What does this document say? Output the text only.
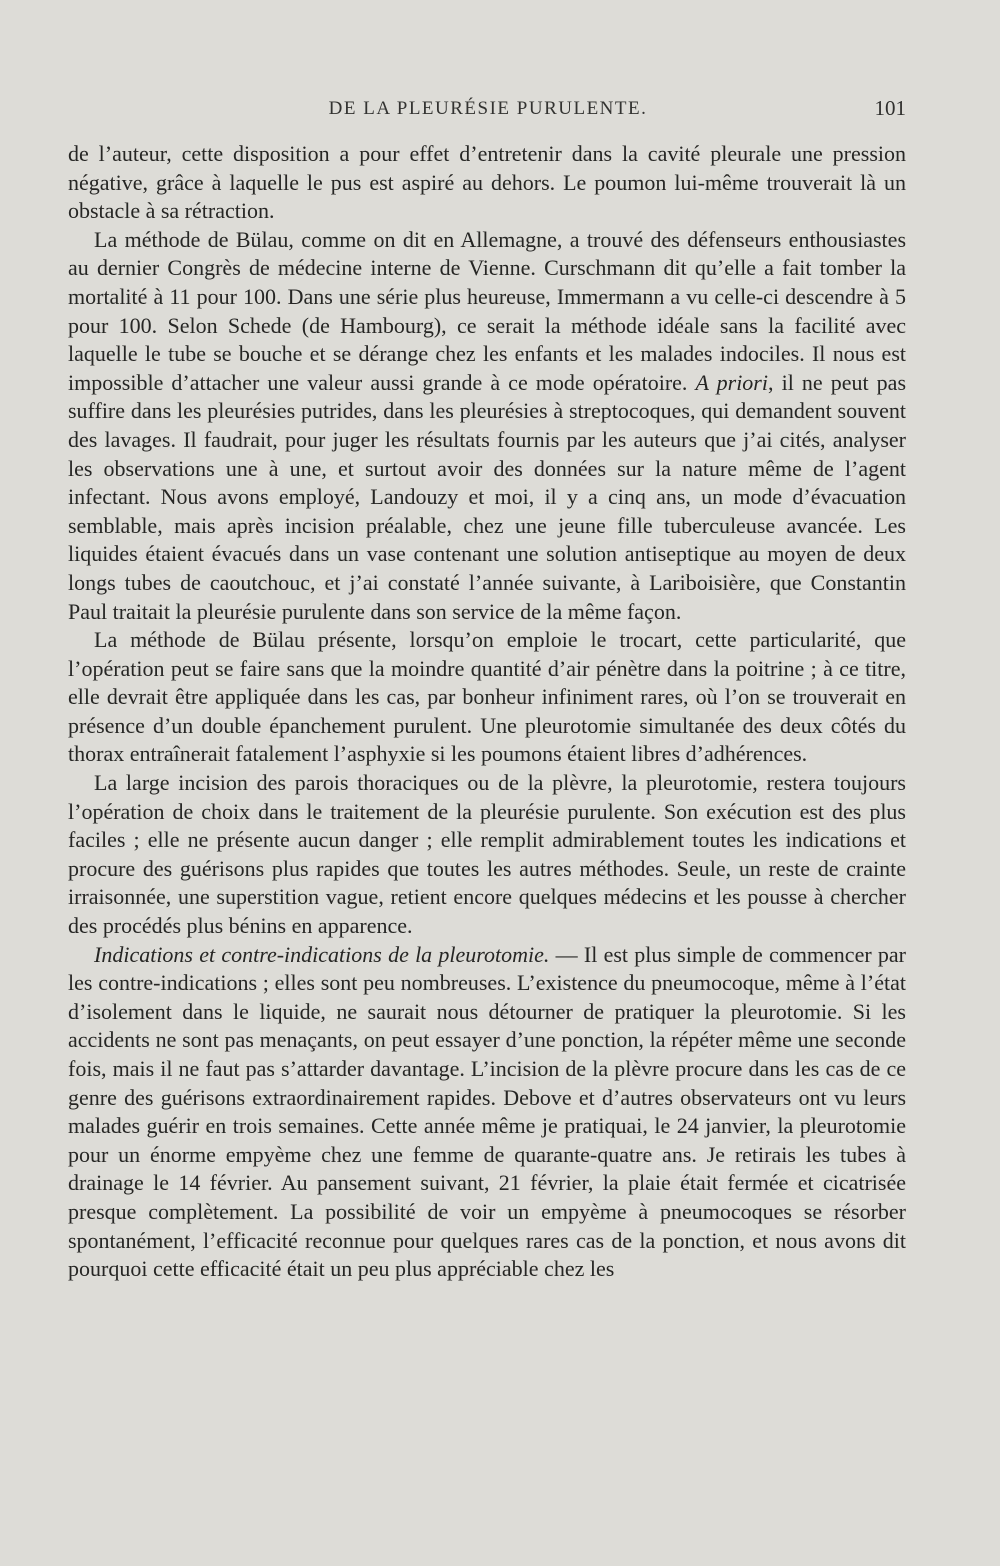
DE LA PLEURÉSIE PURULENTE.	101

de l’auteur, cette disposition a pour effet d’entretenir dans la cavité pleurale une pression négative, grâce à laquelle le pus est aspiré au dehors. Le poumon lui-même trouverait là un obstacle à sa rétraction.

La méthode de Bülau, comme on dit en Allemagne, a trouvé des défenseurs enthousiastes au dernier Congrès de médecine interne de Vienne. Curschmann dit qu’elle a fait tomber la mortalité à 11 pour 100. Dans une série plus heureuse, Immermann a vu celle-ci descendre à 5 pour 100. Selon Schede (de Hambourg), ce serait la méthode idéale sans la facilité avec laquelle le tube se bouche et se dérange chez les enfants et les malades indociles. Il nous est impossible d’attacher une valeur aussi grande à ce mode opératoire. A priori, il ne peut pas suffire dans les pleurésies putrides, dans les pleurésies à streptocoques, qui demandent souvent des lavages. Il faudrait, pour juger les résultats fournis par les auteurs que j’ai cités, analyser les observations une à une, et surtout avoir des données sur la nature même de l’agent infectant. Nous avons employé, Landouzy et moi, il y a cinq ans, un mode d’évacuation semblable, mais après incision préalable, chez une jeune fille tuberculeuse avancée. Les liquides étaient évacués dans un vase contenant une solution antiseptique au moyen de deux longs tubes de caoutchouc, et j’ai constaté l’année suivante, à Lariboisière, que Constantin Paul traitait la pleurésie purulente dans son service de la même façon.

La méthode de Bülau présente, lorsqu’on emploie le trocart, cette particularité, que l’opération peut se faire sans que la moindre quantité d’air pénètre dans la poitrine ; à ce titre, elle devrait être appliquée dans les cas, par bonheur infiniment rares, où l’on se trouverait en présence d’un double épanchement purulent. Une pleurotomie simultanée des deux côtés du thorax entraînerait fatalement l’asphyxie si les poumons étaient libres d’adhérences.

La large incision des parois thoraciques ou de la plèvre, la pleurotomie, restera toujours l’opération de choix dans le traitement de la pleurésie purulente. Son exécution est des plus faciles ; elle ne présente aucun danger ; elle remplit admirablement toutes les indications et procure des guérisons plus rapides que toutes les autres méthodes. Seule, un reste de crainte irraisonnée, une superstition vague, retient encore quelques médecins et les pousse à chercher des procédés plus bénins en apparence.

Indications et contre-indications de la pleurotomie. — Il est plus simple de commencer par les contre-indications ; elles sont peu nombreuses. L’existence du pneumocoque, même à l’état d’isolement dans le liquide, ne saurait nous détourner de pratiquer la pleurotomie. Si les accidents ne sont pas menaçants, on peut essayer d’une ponction, la répéter même une seconde fois, mais il ne faut pas s’attarder davantage. L’incision de la plèvre procure dans les cas de ce genre des guérisons extraordinairement rapides. Debove et d’autres observateurs ont vu leurs malades guérir en trois semaines. Cette année même je pratiquai, le 24 janvier, la pleurotomie pour un énorme empyème chez une femme de quarante-quatre ans. Je retirais les tubes à drainage le 14 février. Au pansement suivant, 21 février, la plaie était fermée et cicatrisée presque complètement. La possibilité de voir un empyème à pneumocoques se résorber spontanément, l’efficacité reconnue pour quelques rares cas de la ponction, et nous avons dit pourquoi cette efficacité était un peu plus appréciable chez les
